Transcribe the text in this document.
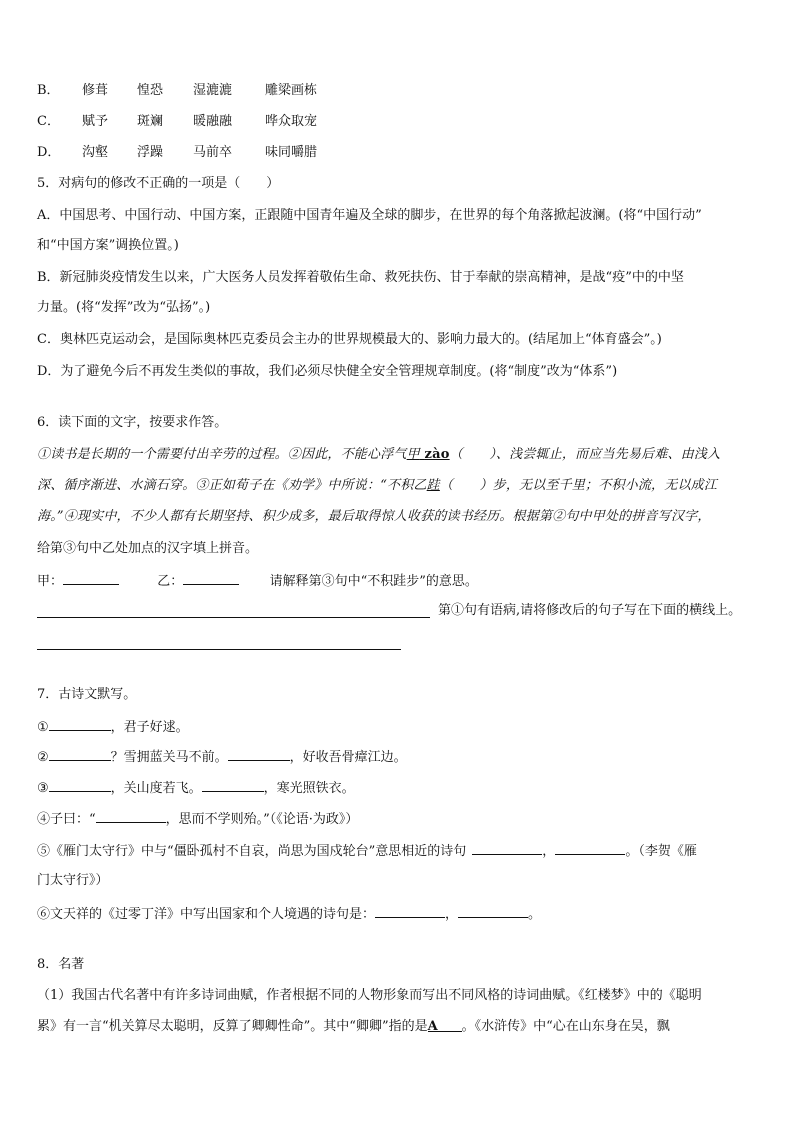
B． 修葺 惶恐 湿漉漉	雕梁画栋
C． 赋予 斑斓 暖融融	哗众取宠
D． 沟壑 浮躁 马前卒	味同嚼腊
5．对病句的修改不正确的一项是（　　）
A．中国思考、中国行动、中国方案，正跟随中国青年遍及全球的脚步，在世界的每个角落掀起波澜。(将“中国行动”
和“中国方案”调换位置。)
B．新冠肺炎疫情发生以来，广大医务人员发挥着敬佑生命、救死扶伤、甘于奉献的崇高精神，是战“疫”中的中坚
力量。(将“发挥”改为“弘扬”。)
C．奥林匹克运动会，是国际奥林匹克委员会主办的世界规模最大的、影响力最大的。(结尾加上“体育盛会”。)
D．为了避免今后不再发生类似的事故，我们必须尽快健全安全管理规章制度。(将“制度”改为“体系”)
6．读下面的文字，按要求作答。
①读书是长期的一个需要付出辛劳的过程。②因此，不能心浮气甲 zào（　　）、浅尝辄止，而应当先易后难、由浅入
深、循序渐进、水滴石穿。③正如荀子在《劝学》中所说：“不积乙跬（　　）步，无以至千里；不积小流，无以成江
海。”④现实中，不少人都有长期坚持、积少成多，最后取得惊人收获的读书经历。根据第②句中甲处的拼音写汉字，
给第③句中乙处加点的汉字填上拼音。
甲：	乙：	请解释第③句中“不积跬步”的意思。
第①句有语病,请将修改后的句子写在下面的横线上。
7．古诗文默写。
①	，君子好逑。
②	？雪拥蓝关马不前。	，好收吾骨瘴江边。
③	，关山度若飞。	，寒光照铁衣。
④子曰：“	，思而不学则殆。”（《论语·为政》）
⑤《雁门太守行》中与“僵卧孤村不自哀，尚思为国戍轮台”意思相近的诗句	，	。（李贺《雁
门太守行》）
⑥文天祥的《过零丁洋》中写出国家和个人境遇的诗句是：	，	。
8．名著
（1）我国古代名著中有许多诗词曲赋，作者根据不同的人物形象而写出不同风格的诗词曲赋。《红楼梦》中的《聪明
累》有一言“机关算尽太聪明，反算了卿卿性命”。其中“卿卿”指的是A 。《水浒传》中“心在山东身在吴，飘
